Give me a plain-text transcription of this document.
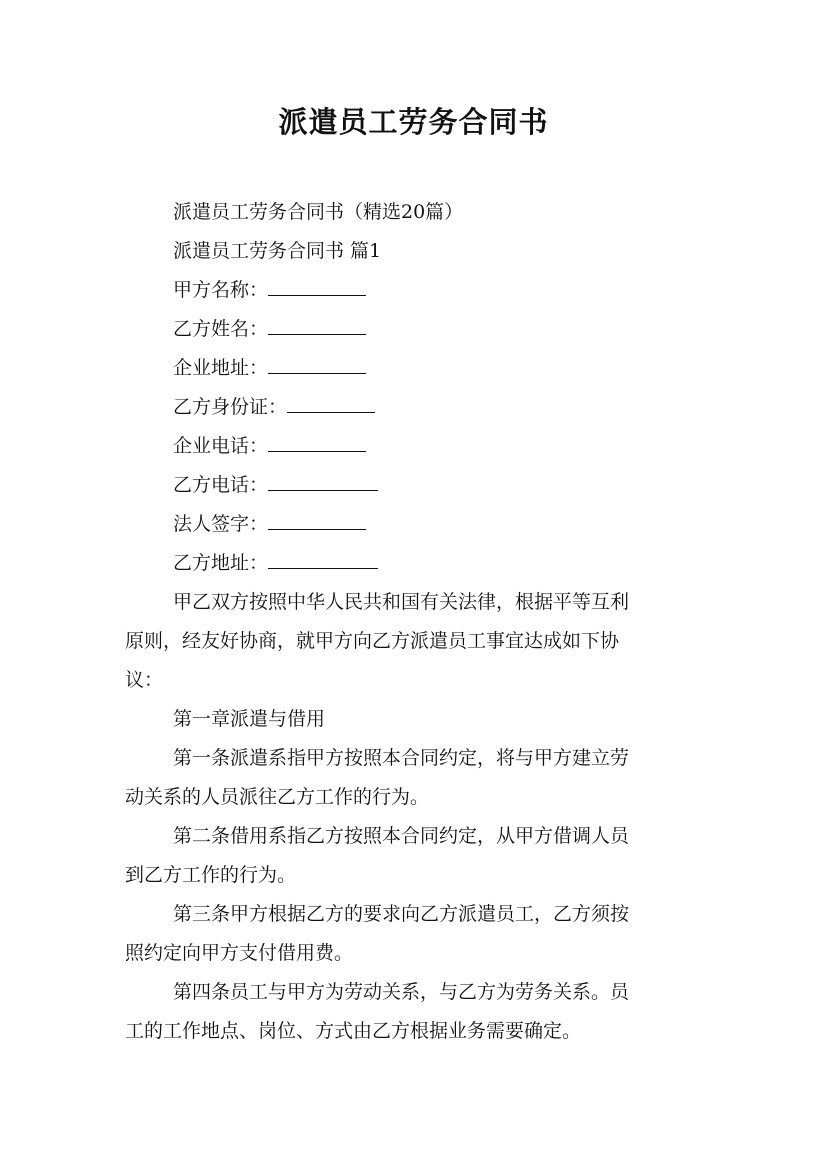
派遣员工劳务合同书
派遣员工劳务合同书（精选20篇）
派遣员工劳务合同书 篇1
甲方名称：
乙方姓名：
企业地址：
乙方身份证：
企业电话：
乙方电话：
法人签字：
乙方地址：
甲乙双方按照中华人民共和国有关法律，根据平等互利
原则，经友好协商，就甲方向乙方派遣员工事宜达成如下协
议：
第一章派遣与借用
第一条派遣系指甲方按照本合同约定，将与甲方建立劳
动关系的人员派往乙方工作的行为。
第二条借用系指乙方按照本合同约定，从甲方借调人员
到乙方工作的行为。
第三条甲方根据乙方的要求向乙方派遣员工，乙方须按
照约定向甲方支付借用费。
第四条员工与甲方为劳动关系，与乙方为劳务关系。员
工的工作地点、岗位、方式由乙方根据业务需要确定。
